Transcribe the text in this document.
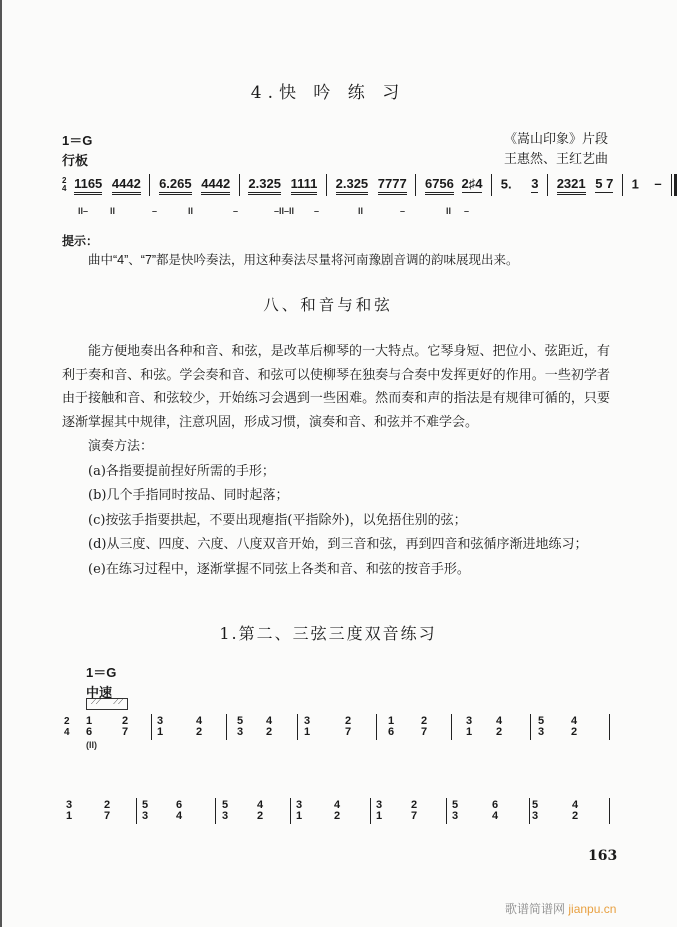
4.快 吟 练 习
1＝G
行板
《嵩山印象》片段
王惠然、王红艺曲
2
4 1165 4442 6.265 4442 2.325 1111 2.325 7777 6756 2♯4 5. 3 2321 5 7 1 –
II– II	–	II	–	–II–II –	II	–	II –
提示：
曲中“4”、“7”都是快吟奏法，用这种奏法尽量将河南豫剧音调的韵味展现出来。
八、和音与和弦
能方便地奏出各种和音、和弦，是改革后柳琴的一大特点。它琴身短、把位小、弦距近，有利于奏和音、和弦。学会奏和音、和弦可以使柳琴在独奏与合奏中发挥更好的作用。一些初学者由于接触和音、和弦较少，开始练习会遇到一些困难。然而奏和声的指法是有规律可循的，只要逐渐掌握其中规律，注意巩固，形成习惯，演奏和音、和弦并不难学会。
演奏方法：
(a)各指要提前捏好所需的手形；
(b)几个手指同时按品、同时起落；
(c)按弦手指要拱起，不要出现瘪指(平指除外)，以免捂住别的弦；
(d)从三度、四度、六度、八度双音开始，到三音和弦，再到四音和弦循序渐进地练习；
(e)在练习过程中，逐渐掌握不同弦上各类和音、和弦的按音手形。
1.第二、三弦三度双音练习
1＝G
中速
⟋⟋ ⟋⟋
1
6
2
7
3
1
4
2
5
3
4
2
3
1
2
7
1
6
2
7
3
1
4
2
5
3
4
2
3
1
2
7
5
3
6
4
5
3
4
2
3
1
4
2
3
1
2
7
5
3
6
4
5
3
4
2
2
4
(II)
163
歌谱简谱网 jianpu.cn
